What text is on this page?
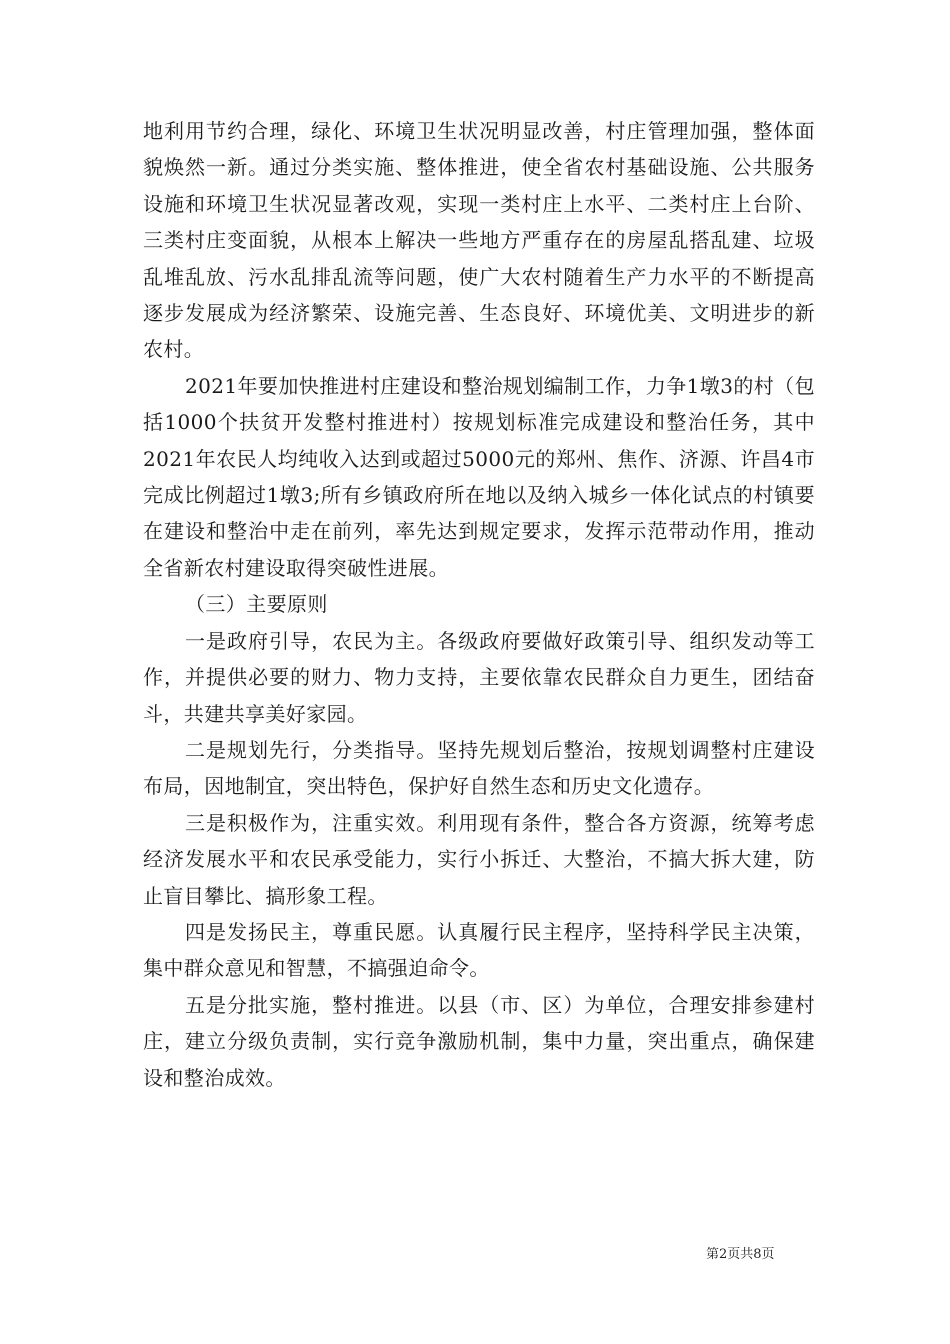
地利用节约合理，绿化、环境卫生状况明显改善，村庄管理加强，整体面貌焕然一新。通过分类实施、整体推进，使全省农村基础设施、公共服务设施和环境卫生状况显著改观，实现一类村庄上水平、二类村庄上台阶、三类村庄变面貌，从根本上解决一些地方严重存在的房屋乱搭乱建、垃圾乱堆乱放、污水乱排乱流等问题，使广大农村随着生产力水平的不断提高逐步发展成为经济繁荣、设施完善、生态良好、环境优美、文明进步的新农村。

2021年要加快推进村庄建设和整治规划编制工作，力争1墩3的村（包括1000个扶贫开发整村推进村）按规划标准完成建设和整治任务，其中2021年农民人均纯收入达到或超过5000元的郑州、焦作、济源、许昌4市完成比例超过1墩3;所有乡镇政府所在地以及纳入城乡一体化试点的村镇要在建设和整治中走在前列，率先达到规定要求，发挥示范带动作用，推动全省新农村建设取得突破性进展。

（三）主要原则

一是政府引导，农民为主。各级政府要做好政策引导、组织发动等工作，并提供必要的财力、物力支持，主要依靠农民群众自力更生，团结奋斗，共建共享美好家园。

二是规划先行，分类指导。坚持先规划后整治，按规划调整村庄建设布局，因地制宜，突出特色，保护好自然生态和历史文化遗存。

三是积极作为，注重实效。利用现有条件，整合各方资源，统筹考虑经济发展水平和农民承受能力，实行小拆迁、大整治，不搞大拆大建，防止盲目攀比、搞形象工程。

四是发扬民主，尊重民愿。认真履行民主程序，坚持科学民主决策，集中群众意见和智慧，不搞强迫命令。

五是分批实施，整村推进。以县（市、区）为单位，合理安排参建村庄，建立分级负责制，实行竞争激励机制，集中力量，突出重点，确保建设和整治成效。

第2页共8页
